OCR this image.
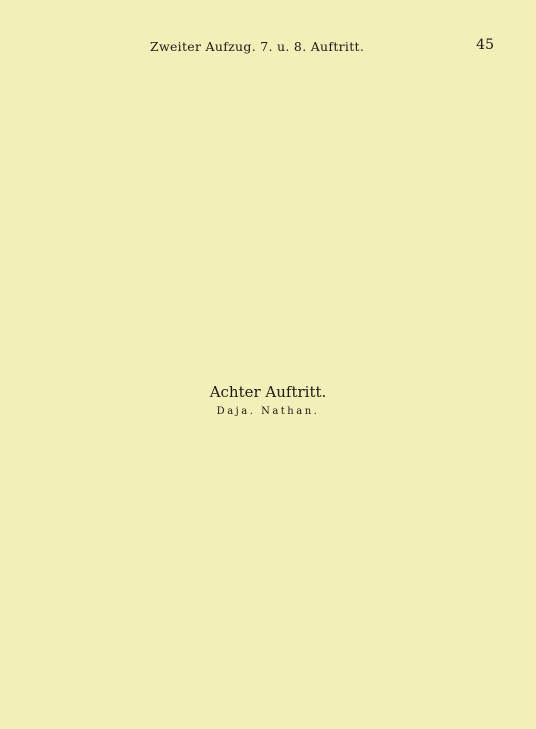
Zweiter Aufzug. 7. u. 8. Auftritt.	45
Achter Auftritt.
Daja. Nathan.
